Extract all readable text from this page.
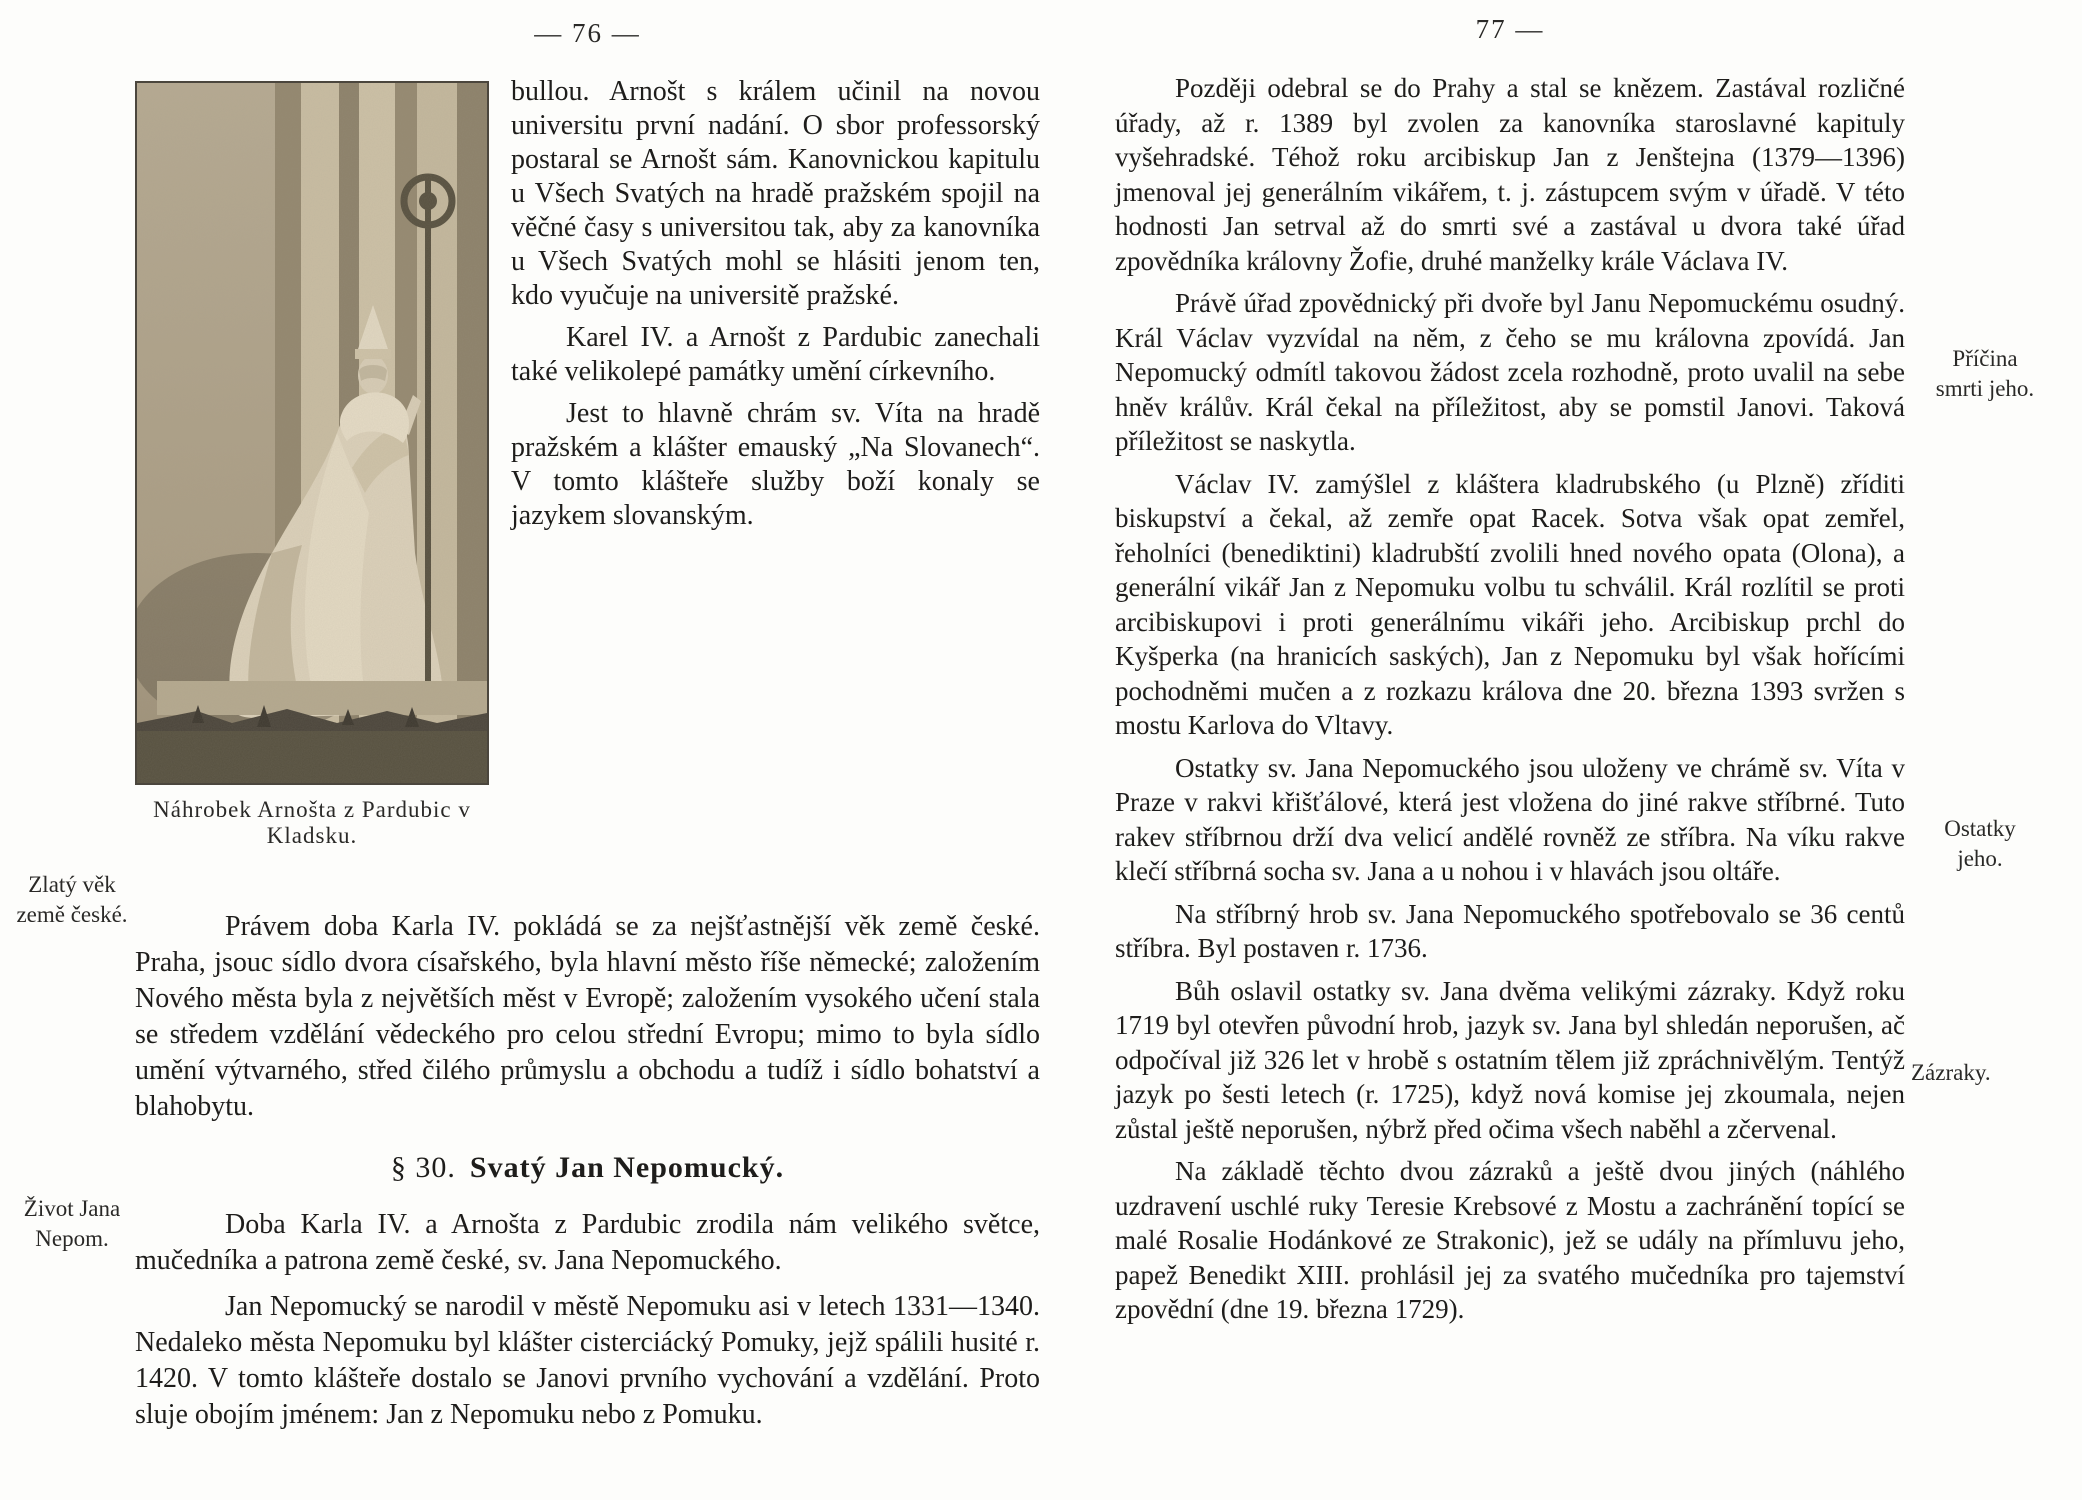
Zlatý věk
země české.
Život Jana
Nepom.
— 76 —
Náhrobek Arnošta z Pardubic v Kladsku.

bullou. Arnošt s králem učinil na novou universitu první nadání. O sbor professorský postaral se Arnošt sám. Kanovnickou kapitulu u Všech Svatých na hradě pražském spojil na věčné časy s universitou tak, aby za kanovníka u Všech Svatých mohl se hlásiti jenom ten, kdo vyučuje na universitě pražské.

Karel IV. a Arnošt z Pardubic zanechali také velikolepé památky umění církevního.

Jest to hlavně chrám sv. Víta na hradě pražském a klášter emauský „Na Slovanech“. V tomto klášteře služby boží konaly se jazykem slovanským.

Právem doba Karla IV. pokládá se za nejšťastnější věk země české. Praha, jsouc sídlo dvora císařského, byla hlavní město říše německé; založením Nového města byla z největších měst v Evropě; založením vysokého učení stala se středem vzdělání vědeckého pro celou střední Evropu; mimo to byla sídlo umění výtvarného, střed čilého průmyslu a obchodu a tudíž i sídlo bohatství a blahobytu.

§ 30. Svatý Jan Nepomucký.

Doba Karla IV. a Arnošta z Pardubic zrodila nám velikého světce, mučedníka a patrona země české, sv. Jana Nepomuckého.

Jan Nepomucký se narodil v městě Nepomuku asi v letech 1331—1340. Nedaleko města Nepomuku byl klášter cisterciácký Pomuky, jejž spálili husité r. 1420. V tomto klášteře dostalo se Janovi prvního vychování a vzdělání. Proto sluje obojím jménem: Jan z Nepomuku nebo z Pomuku.

Příčina
smrti jeho.
Ostatky
jeho.
Zázraky.
77 —

Později odebral se do Prahy a stal se knězem. Zastával rozličné úřady, až r. 1389 byl zvolen za kanovníka staroslavné kapituly vyšehradské. Téhož roku arcibiskup Jan z Jenštejna (1379—1396) jmenoval jej generálním vikářem, t. j. zástupcem svým v úřadě. V této hodnosti Jan setrval až do smrti své a zastával u dvora také úřad zpovědníka královny Žofie, druhé manželky krále Václava IV.

Právě úřad zpovědnický při dvoře byl Janu Nepomuckému osudný. Král Václav vyzvídal na něm, z čeho se mu královna zpovídá. Jan Nepomucký odmítl takovou žádost zcela rozhodně, proto uvalil na sebe hněv králův. Král čekal na příležitost, aby se pomstil Janovi. Taková příležitost se naskytla.

Václav IV. zamýšlel z kláštera kladrubského (u Plzně) zříditi biskupství a čekal, až zemře opat Racek. Sotva však opat zemřel, řeholníci (benediktini) kladrubští zvolili hned nového opata (Olona), a generální vikář Jan z Nepomuku volbu tu schválil. Král rozlítil se proti arcibiskupovi i proti generálnímu vikáři jeho. Arcibiskup prchl do Kyšperka (na hranicích saských), Jan z Nepomuku byl však hořícími pochodněmi mučen a z rozkazu králova dne 20. března 1393 svržen s mostu Karlova do Vltavy.

Ostatky sv. Jana Nepomuckého jsou uloženy ve chrámě sv. Víta v Praze v rakvi křišťálové, která jest vložena do jiné rakve stříbrné. Tuto rakev stříbrnou drží dva velicí andělé rovněž ze stříbra. Na víku rakve klečí stříbrná socha sv. Jana a u nohou i v hlavách jsou oltáře.

Na stříbrný hrob sv. Jana Nepomuckého spotřebovalo se 36 centů stříbra. Byl postaven r. 1736.

Bůh oslavil ostatky sv. Jana dvěma velikými zázraky. Když roku 1719 byl otevřen původní hrob, jazyk sv. Jana byl shledán neporušen, ač odpočíval již 326 let v hrobě s ostatním tělem již zpráchnivělým. Tentýž jazyk po šesti letech (r. 1725), když nová komise jej zkoumala, nejen zůstal ještě neporušen, nýbrž před očima všech naběhl a zčervenal.

Na základě těchto dvou zázraků a ještě dvou jiných (náhlého uzdravení uschlé ruky Teresie Krebsové z Mostu a zachránění topící se malé Rosalie Hodánkové ze Strakonic), jež se udály na přímluvu jeho, papež Benedikt XIII. prohlásil jej za svatého mučedníka pro tajemství zpovědní (dne 19. března 1729).
